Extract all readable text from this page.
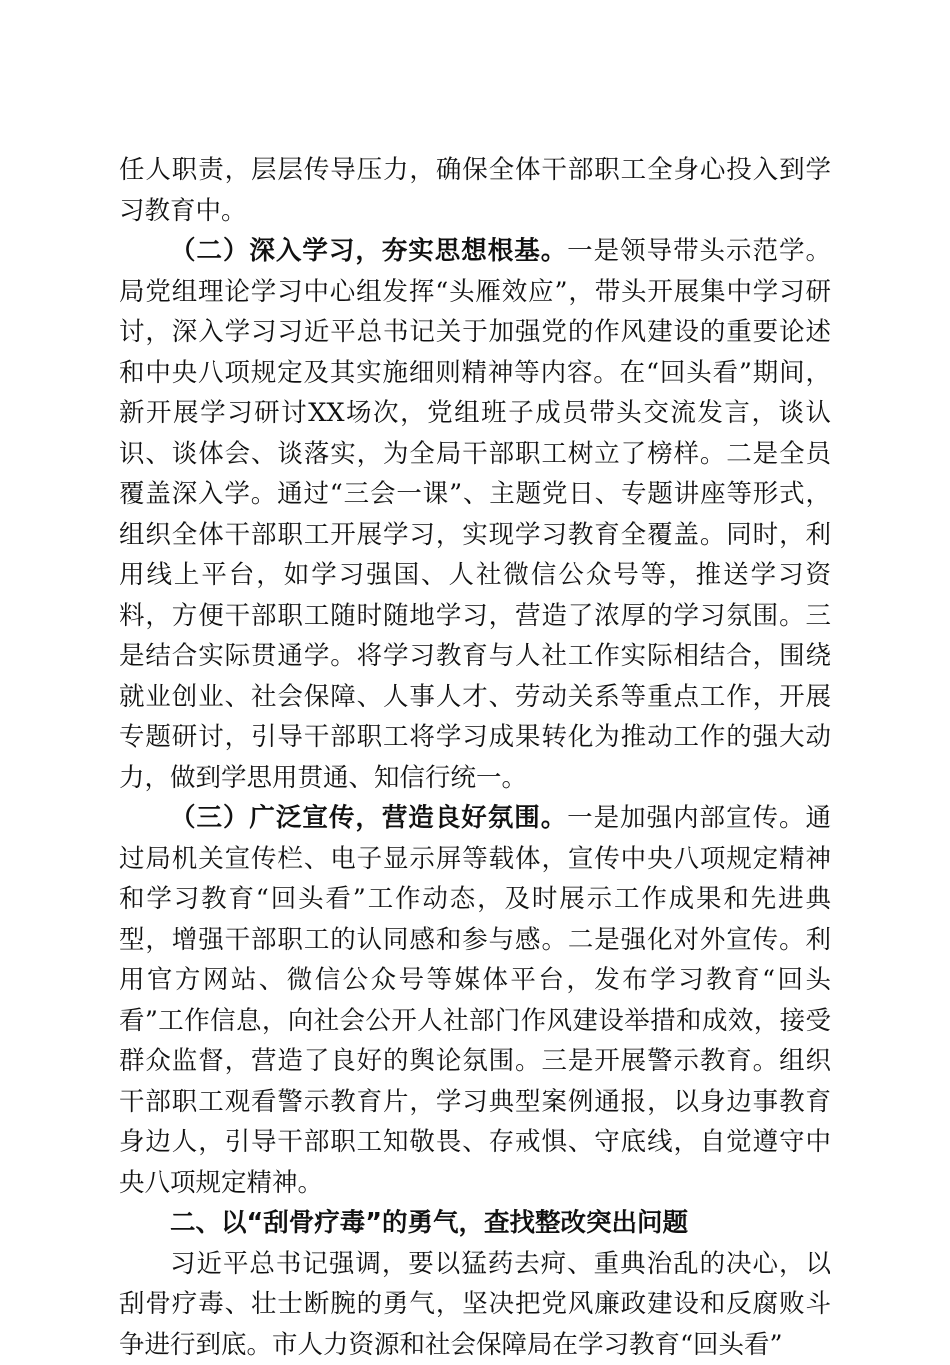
任人职责，层层传导压力，确保全体干部职工全身心投入到学习教育中。

（二）深入学习，夯实思想根基。一是领导带头示范学。局党组理论学习中心组发挥“头雁效应”，带头开展集中学习研讨，深入学习习近平总书记关于加强党的作风建设的重要论述和中央八项规定及其实施细则精神等内容。在“回头看”期间，新开展学习研讨XX场次，党组班子成员带头交流发言，谈认识、谈体会、谈落实，为全局干部职工树立了榜样。二是全员覆盖深入学。通过“三会一课”、主题党日、专题讲座等形式，组织全体干部职工开展学习，实现学习教育全覆盖。同时，利用线上平台，如学习强国、人社微信公众号等，推送学习资料，方便干部职工随时随地学习，营造了浓厚的学习氛围。三是结合实际贯通学。将学习教育与人社工作实际相结合，围绕就业创业、社会保障、人事人才、劳动关系等重点工作，开展专题研讨，引导干部职工将学习成果转化为推动工作的强大动力，做到学思用贯通、知信行统一。

（三）广泛宣传，营造良好氛围。一是加强内部宣传。通过局机关宣传栏、电子显示屏等载体，宣传中央八项规定精神和学习教育“回头看”工作动态，及时展示工作成果和先进典型，增强干部职工的认同感和参与感。二是强化对外宣传。利用官方网站、微信公众号等媒体平台，发布学习教育“回头看”工作信息，向社会公开人社部门作风建设举措和成效，接受群众监督，营造了良好的舆论氛围。三是开展警示教育。组织干部职工观看警示教育片，学习典型案例通报，以身边事教育身边人，引导干部职工知敬畏、存戒惧、守底线，自觉遵守中央八项规定精神。

二、以“刮骨疗毒”的勇气，查找整改突出问题

习近平总书记强调，要以猛药去疴、重典治乱的决心，以刮骨疗毒、壮士断腕的勇气，坚决把党风廉政建设和反腐败斗争进行到底。市人力资源和社会保障局在学习教育“回头看”
